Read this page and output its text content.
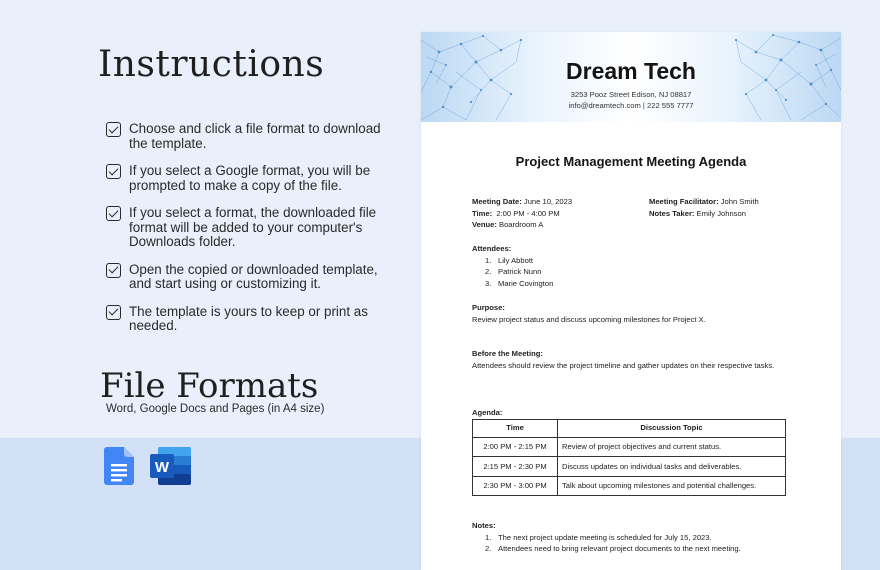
Instructions
Choose and click a file format to download the template.
If you select a Google format, you will be prompted to make a copy of the file.
If you select a format, the downloaded file format will be added to your computer's Downloads folder.
Open the copied or downloaded template, and start using or customizing it.
The template is yours to keep or print as needed.
File Formats
Word, Google Docs and Pages (in A4 size)
W
Dream Tech
3253 Pooz Street Edison, NJ 08817
info@dreamtech.com | 222 555 7777
Project Management Meeting Agenda
Meeting Date: June 10, 2023
Time:  2:00 PM - 4:00 PM
Venue: Boardroom A
Meeting Facilitator: John Smith
Notes Taker: Emily Johnson
Attendees:
1. Lily Abbott
2. Patrick Nunn
3. Marie Covington
Purpose:
Review project status and discuss upcoming milestones for Project X.
Before the Meeting:
Attendees should review the project timeline and gather updates on their respective tasks.
Agenda:
Time	Discussion Topic
2:00 PM - 2:15 PM	Review of project objectives and current status.
2:15 PM - 2:30 PM	Discuss updates on individual tasks and deliverables.
2:30 PM - 3:00 PM	Talk about upcoming milestones and potential challenges.
Notes:
1. The next project update meeting is scheduled for July 15, 2023.
2. Attendees need to bring relevant project documents to the next meeting.
